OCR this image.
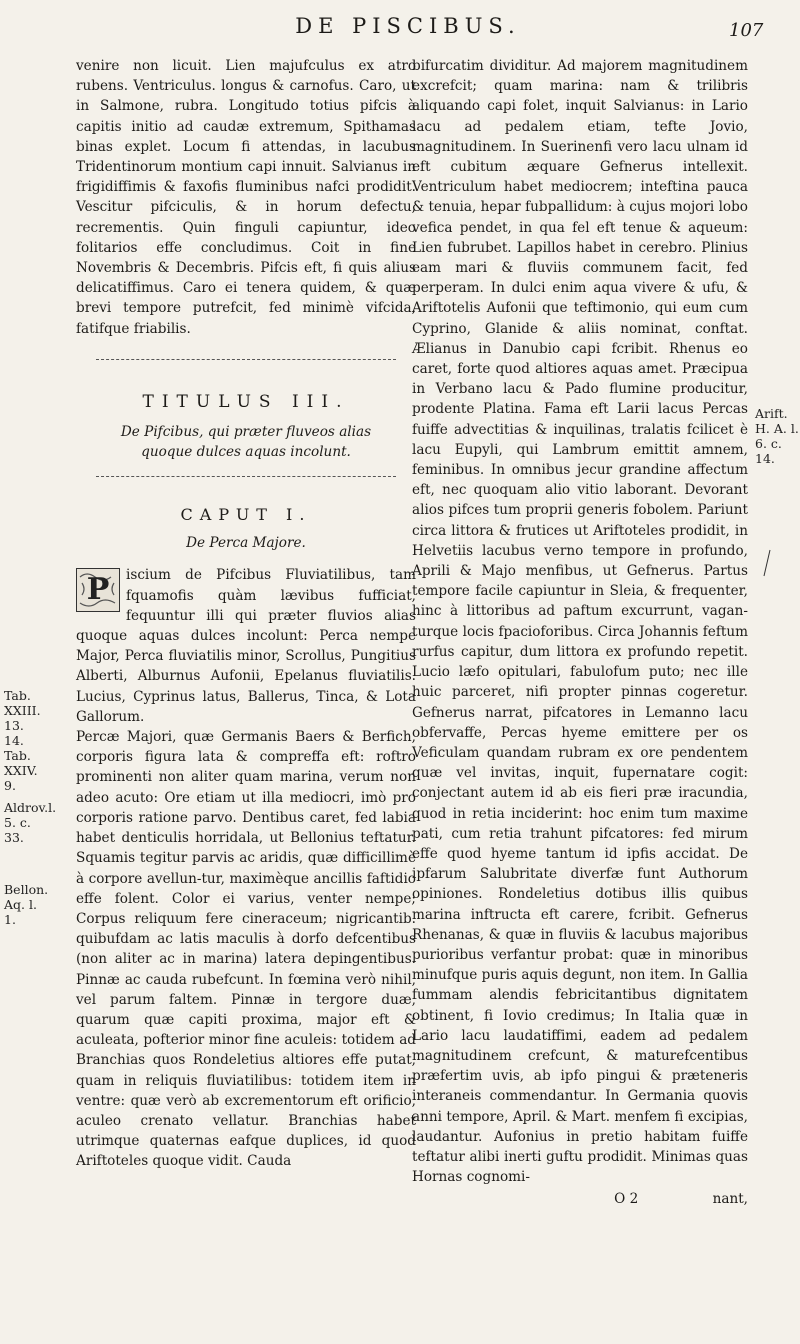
DE PISCIBUS.	107
Tab. XXIII. 13. 14. Tab. XXIV. 9.
Aldrov.l. 5. c. 33.
Bellon. Aq. l. 1.
Arift. H. A. l. 6. c. 14.

venire non licuit. Lien majufculus ex atro rubens. Ventriculus. longus & carnofus. Caro, ut in Salmone, rubra. Longitudo totius pifcis à capitis initio ad caudæ extremum, Spithamas binas explet. Locum fi attendas, in lacubus Tridentinorum montium capi innuit. Salvianus in frigidiffimis & faxofis fluminibus nafci prodidit. Vescitur pifciculis, & in horum defectu, recrementis. Quin finguli capiuntur, ideo folitarios effe concludimus. Coit in fine Novembris & Decembris. Pifcis eft, fi quis alius delicatiffimus. Caro ei tenera quidem, & quæ brevi tempore putrefcit, fed minimè vifcida, fatifque friabilis.

TITULUS III.
De Pifcibus, qui præter fluveos alias quoque dulces aquas incolunt.
CAPUT I.
De Perca Majore.

P	iscium de Pifcibus Fluviatilibus, tam fquamofis quàm lævibus fufficiat, fequuntur illi qui præter fluvios alias quoque aquas dulces incolunt: Perca nempe Major, Perca fluviatilis minor, Scrollus, Pungitius Alberti, Alburnus Aufonii, Epelanus fluviatilis. Lucius, Cyprinus latus, Ballerus, Tinca, & Lota Gallorum.

Percæ Majori, quæ Germanis Baers & Berfich, corporis figura lata & compreffa eft: roftro prominenti non aliter quam marina, verum non adeo acuto: Ore etiam ut illa mediocri, imò pro corporis ratione parvo. Dentibus caret, fed labia habet denticulis horridala, ut Bellonius teftatur. Squamis tegitur parvis ac aridis, quæ difficillimè à corpore avellun-tur, maximèque ancillis faftidio effe folent. Color ei varius, venter nempe; Corpus reliquum fere cineraceum; nigricantib. quibufdam ac latis maculis à dorfo defcentibus (non aliter ac in marina) latera depingentibus. Pinnæ ac cauda rubefcunt. In fœmina verò nihil, vel parum faltem. Pinnæ in tergore duæ, quarum quæ capiti proxima, major eft & aculeata, pofterior minor fine aculeis: totidem ad Branchias quos Rondeletius altiores effe putat, quam in reliquis fluviatilibus: totidem item in ventre: quæ verò ab excrementorum eft orificio, aculeo crenato vellatur. Branchias habet utrimque quaternas eafque duplices, id quod Ariftoteles quoque vidit. Cauda

bifurcatim dividitur. Ad majorem magnitudinem excrefcit; quam marina: nam & trilibris aliquando capi folet, inquit Salvianus: in Lario lacu ad pedalem etiam, tefte Jovio, magnitudinem. In Suerinenfi vero lacu ulnam id eft cubitum æquare Gefnerus intellexit. Ventriculum habet mediocrem; inteftina pauca & tenuia, hepar fubpallidum: à cujus mojori lobo vefica pendet, in qua fel eft tenue & aqueum: Lien fubrubet. Lapillos habet in cerebro. Plinius eam mari & fluviis communem facit, fed perperam. In dulci enim aqua vivere & ufu, & Ariftotelis Aufonii que teftimonio, qui eum cum Cyprino, Glanide & aliis nominat, conftat. Ælianus in Danubio capi fcribit. Rhenus eo caret, forte quod altiores aquas amet. Præcipua in Verbano lacu & Pado flumine producitur, prodente Platina. Fama eft Larii lacus Percas fuiffe advectitias & inquilinas, tralatis fcilicet è lacu Eupyli, qui Lambrum emittit amnem, feminibus. In omnibus jecur grandine affectum eft, nec quoquam alio vitio laborant. Devorant alios pifces tum proprii generis fobolem. Pariunt circa littora & frutices ut Ariftoteles prodidit, in Helvetiis lacubus verno tempore in profundo, Aprili & Majo menfibus, ut Gefnerus. Partus tempore facile capiuntur in Sleia, & frequenter, hinc à littoribus ad paftum excurrunt, vagan-turque locis fpacioforibus. Circa Johannis feftum rurfus capitur, dum littora ex profundo repetit. Lucio læfo opitulari, fabulofum puto; nec ille huic parceret, nifi propter pinnas cogeretur. Gefnerus narrat, pifcatores in Lemanno lacu obfervaffe, Percas hyeme emittere per os Veficulam quandam rubram ex ore pendentem quæ vel invitas, inquit, fupernatare cogit: conjectant autem id ab eis fieri præ iracundia, quod in retia inciderint: hoc enim tum maxime pati, cum retia trahunt pifcatores: fed mirum effe quod hyeme tantum id ipfis accidat. De ipfarum Salubritate diverfæ funt Authorum opiniones. Rondeletius dotibus illis quibus marina inftructa eft carere, fcribit. Gefnerus Rhenanas, & quæ in fluviis & lacubus majoribus purioribus verfantur probat: quæ in minoribus minufque puris aquis degunt, non item. In Gallia fummam alendis febricitantibus dignitatem obtinent, fi Iovio credimus; In Italia quæ in Lario lacu laudatiffimi, eadem ad pedalem magnitudinem crefcunt, & maturefcentibus præfertim uvis, ab ipfo pingui & præteneris interaneis commendantur. In Germania quovis anni tempore, April. & Mart. menfem fi excipias, laudantur. Aufonius in pretio habitam fuiffe teftatur alibi inerti guftu prodidit. Minimas quas Hornas cognomi-

O 2	nant,
